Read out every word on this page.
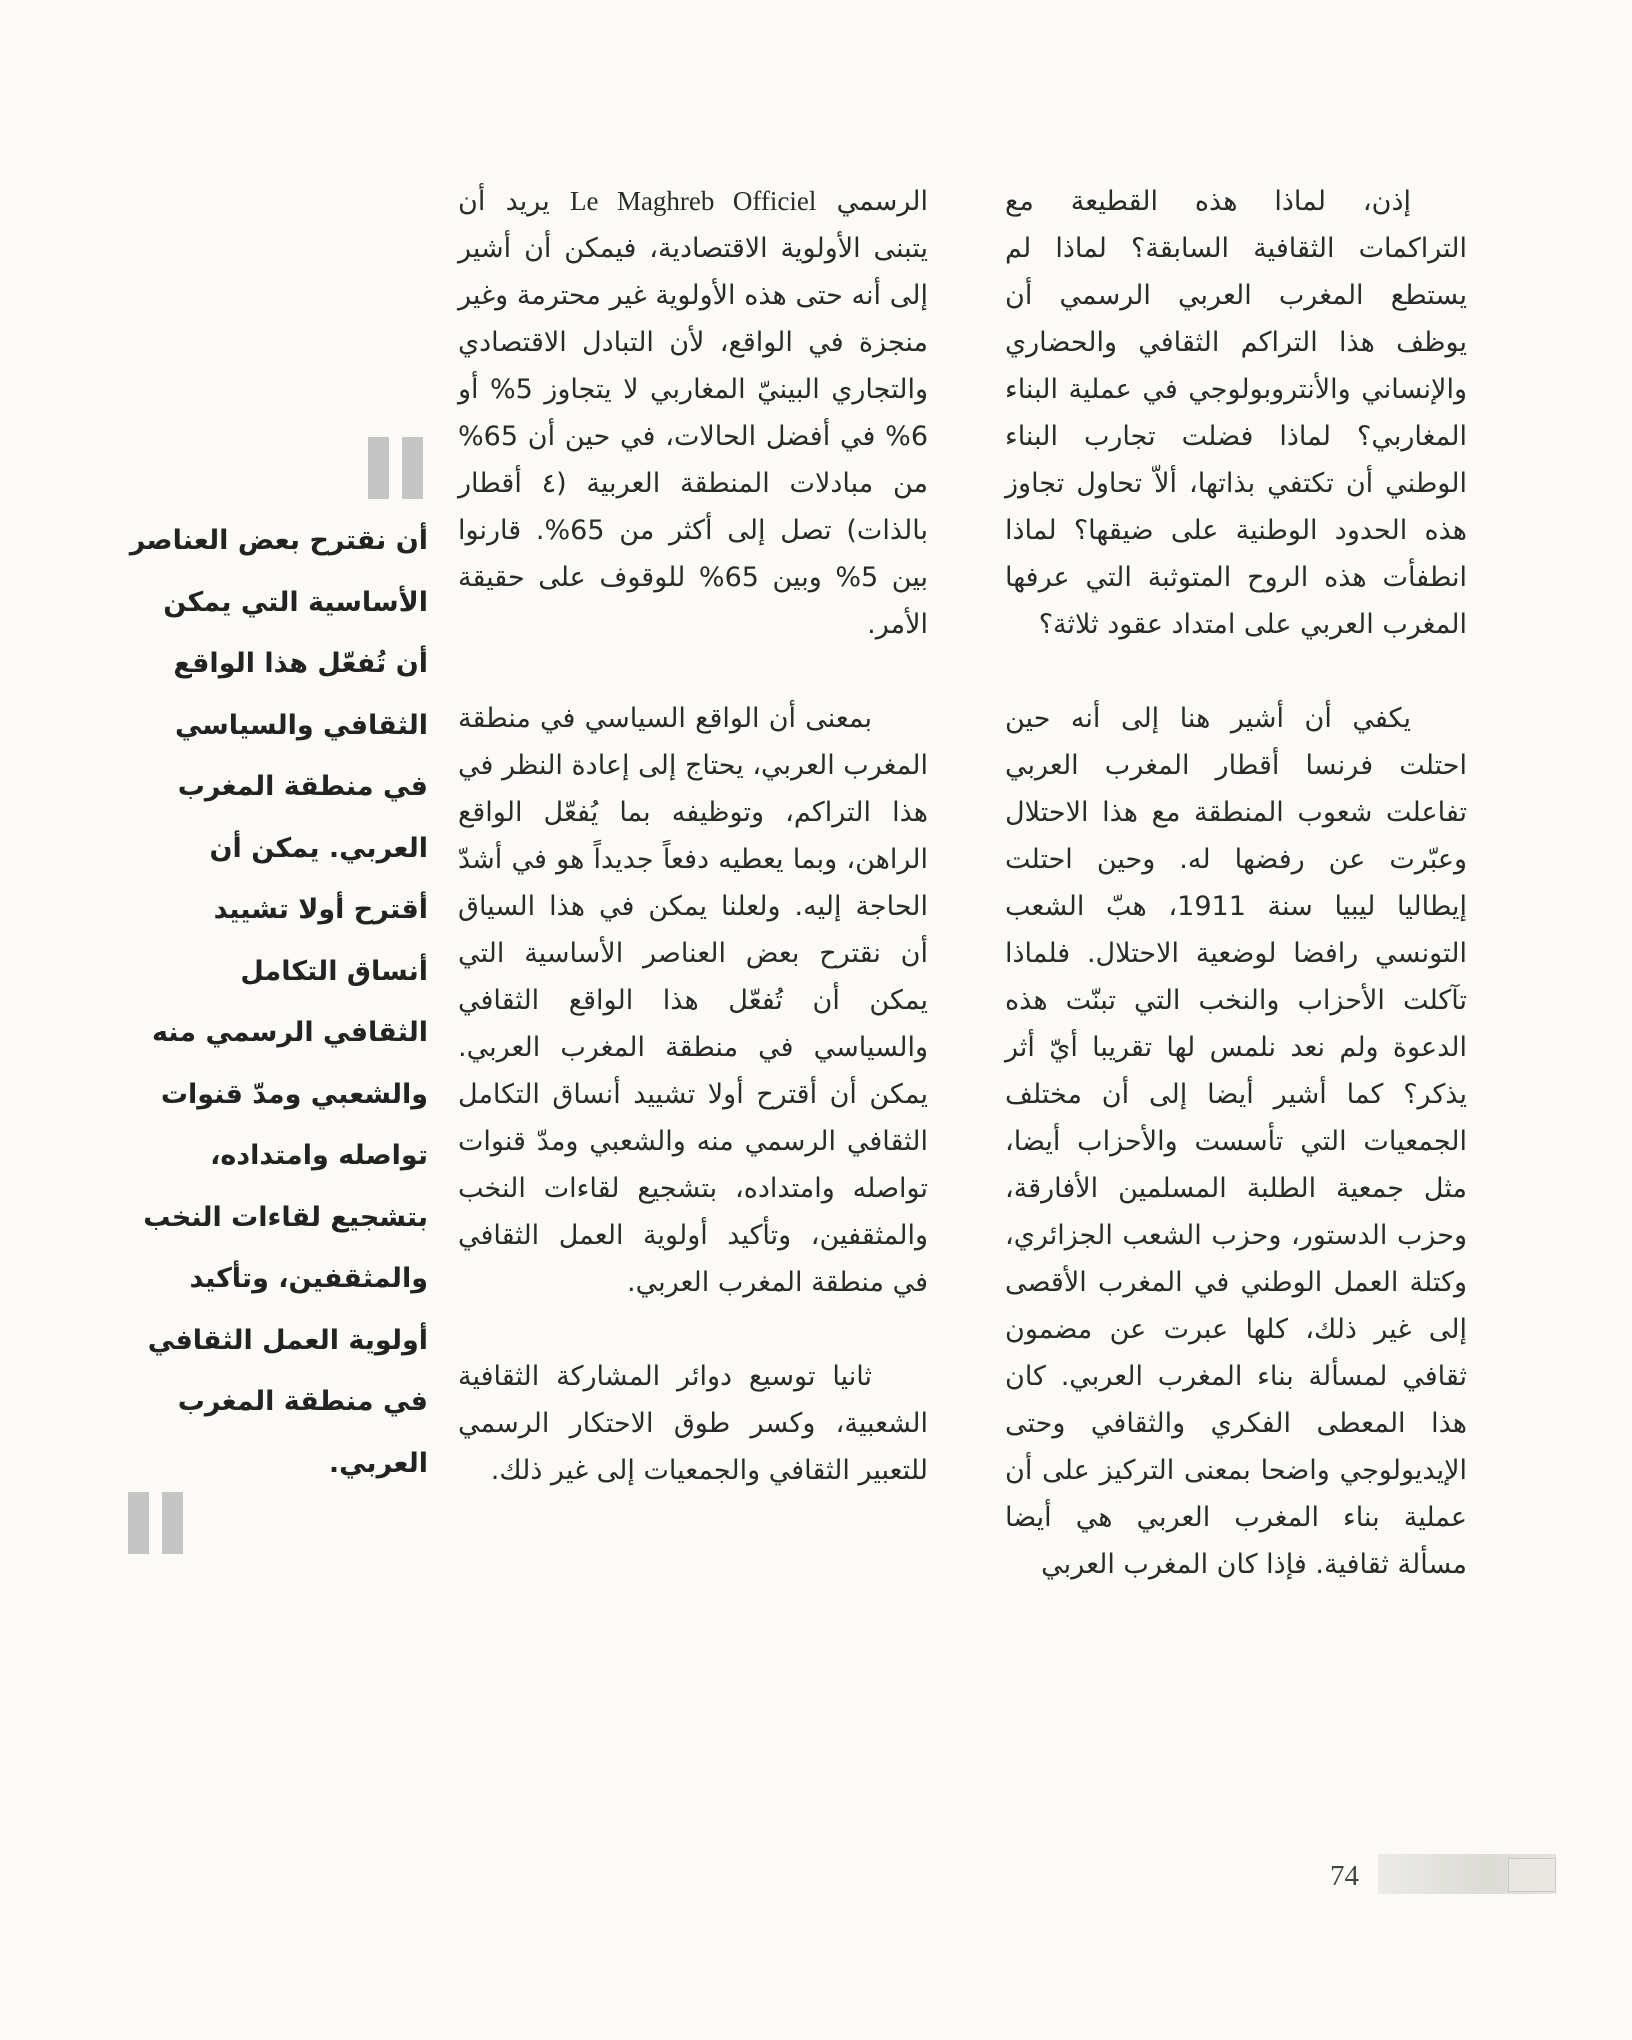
إذن، لماذا هذه القطيعة مع التراكمات الثقافية السابقة؟ لماذا لم يستطع المغرب العربي الرسمي أن يوظف هذا التراكم الثقافي والحضاري والإنساني والأنتروبولوجي في عملية البناء المغاربي؟ لماذا فضلت تجارب البناء الوطني أن تكتفي بذاتها، ألاّ تحاول تجاوز هذه الحدود الوطنية على ضيقها؟ لماذا انطفأت هذه الروح المتوثبة التي عرفها المغرب العربي على امتداد عقود ثلاثة؟

يكفي أن أشير هنا إلى أنه حين احتلت فرنسا أقطار المغرب العربي تفاعلت شعوب المنطقة مع هذا الاحتلال وعبّرت عن رفضها له. وحين احتلت إيطاليا ليبيا سنة 1911، هبّ الشعب التونسي رافضا لوضعية الاحتلال. فلماذا تآكلت الأحزاب والنخب التي تبنّت هذه الدعوة ولم نعد نلمس لها تقريبا أيّ أثر يذكر؟ كما أشير أيضا إلى أن مختلف الجمعيات التي تأسست والأحزاب أيضا، مثل جمعية الطلبة المسلمين الأفارقة، وحزب الدستور، وحزب الشعب الجزائري، وكتلة العمل الوطني في المغرب الأقصى إلى غير ذلك، كلها عبرت عن مضمون ثقافي لمسألة بناء المغرب العربي. كان هذا المعطى الفكري والثقافي وحتى الإيديولوجي واضحا بمعنى التركيز على أن عملية بناء المغرب العربي هي أيضا مسألة ثقافية. فإذا كان المغرب العربي

الرسمي Le Maghreb Officiel يريد أن يتبنى الأولوية الاقتصادية، فيمكن أن أشير إلى أنه حتى هذه الأولوية غير محترمة وغير منجزة في الواقع، لأن التبادل الاقتصادي والتجاري البينيّ المغاربي لا يتجاوز 5% أو 6% في أفضل الحالات، في حين أن 65% من مبادلات المنطقة العربية (٤ أقطار بالذات) تصل إلى أكثر من 65%. قارنوا بين 5% وبين 65% للوقوف على حقيقة الأمر.

بمعنى أن الواقع السياسي في منطقة المغرب العربي، يحتاج إلى إعادة النظر في هذا التراكم، وتوظيفه بما يُفعّل الواقع الراهن، وبما يعطيه دفعاً جديداً هو في أشدّ الحاجة إليه. ولعلنا يمكن في هذا السياق أن نقترح بعض العناصر الأساسية التي يمكن أن تُفعّل هذا الواقع الثقافي والسياسي في منطقة المغرب العربي. يمكن أن أقترح أولا تشييد أنساق التكامل الثقافي الرسمي منه والشعبي ومدّ قنوات تواصله وامتداده، بتشجيع لقاءات النخب والمثقفين، وتأكيد أولوية العمل الثقافي في منطقة المغرب العربي.

ثانيا توسيع دوائر المشاركة الثقافية الشعبية، وكسر طوق الاحتكار الرسمي للتعبير الثقافي والجمعيات إلى غير ذلك.

أن نقترح بعض العناصر الأساسية التي يمكن أن تُفعّل هذا الواقع الثقافي والسياسي في منطقة المغرب العربي. يمكن أن أقترح أولا تشييد أنساق التكامل الثقافي الرسمي منه والشعبي ومدّ قنوات تواصله وامتداده، بتشجيع لقاءات النخب والمثقفين، وتأكيد أولوية العمل الثقافي في منطقة المغرب العربي.
74
